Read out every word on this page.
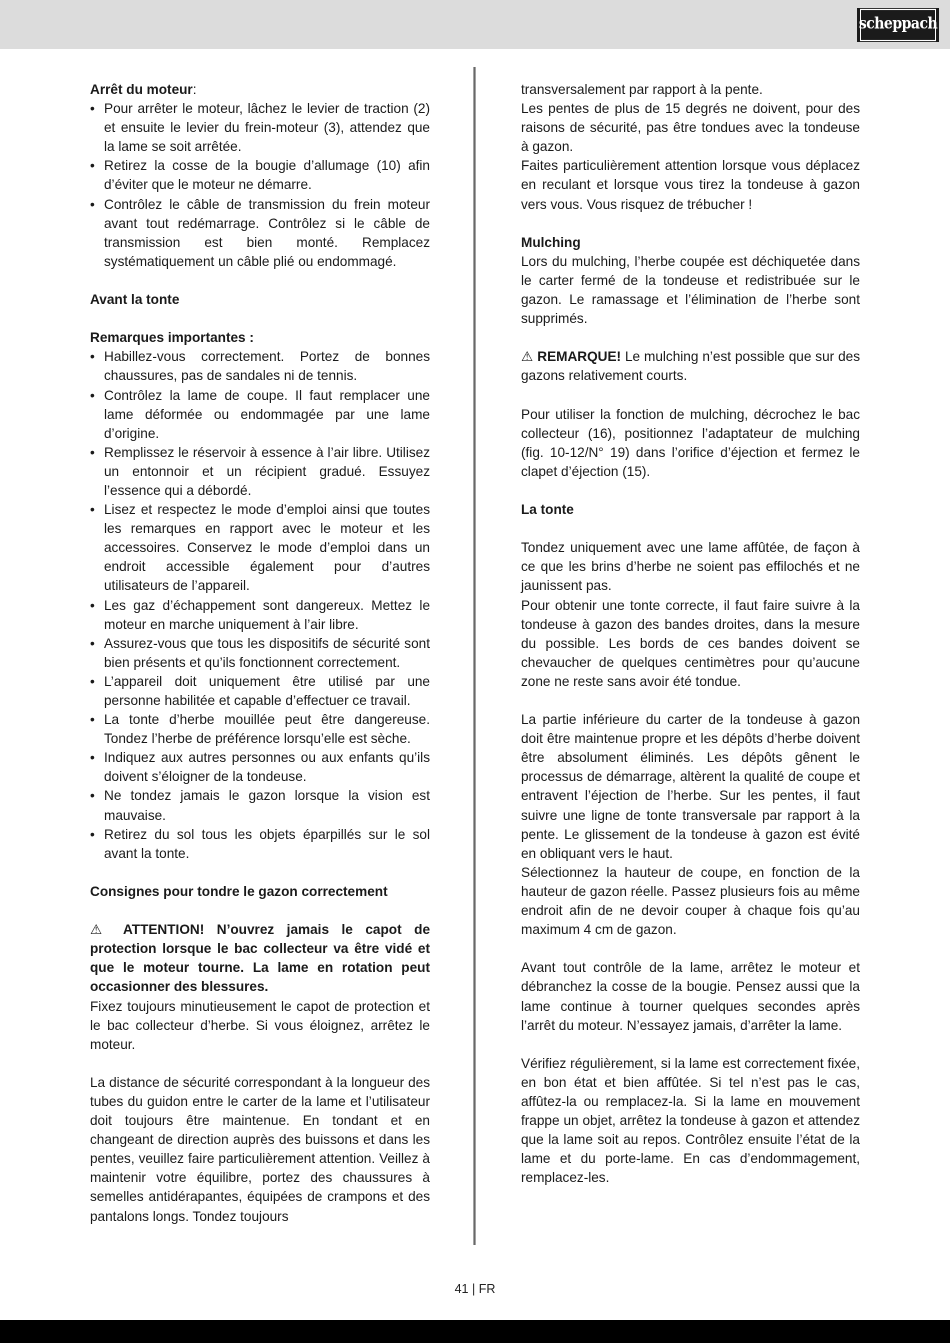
scheppach

Arrêt du moteur:

• Pour arrêter le moteur, lâchez le levier de traction (2) et ensuite le levier du frein-moteur (3), attendez que la lame se soit arrêtée.
• Retirez la cosse de la bougie d’allumage (10) afin d’éviter que le moteur ne démarre.
• Contrôlez le câble de transmission du frein moteur avant tout redémarrage. Contrôlez si le câble de transmission est bien monté. Remplacez systématiquement un câble plié ou endommagé.

Avant la tonte

Remarques importantes :

• Habillez-vous correctement. Portez de bonnes chaussures, pas de sandales ni de tennis.
• Contrôlez la lame de coupe. Il faut remplacer une lame déformée ou endommagée par une lame d’origine.
• Remplissez le réservoir à essence à l’air libre. Utilisez un entonnoir et un récipient gradué. Essuyez l’essence qui a débordé.
• Lisez et respectez le mode d’emploi ainsi que toutes les remarques en rapport avec le moteur et les accessoires. Conservez le mode d’emploi dans un endroit accessible également pour d’autres utilisateurs de l’appareil.
• Les gaz d’échappement sont dangereux. Mettez le moteur en marche uniquement à l’air libre.
• Assurez-vous que tous les dispositifs de sécurité sont bien présents et qu’ils fonctionnent correctement.
• L’appareil doit uniquement être utilisé par une personne habilitée et capable d’effectuer ce travail.
• La tonte d’herbe mouillée peut être dangereuse. Tondez l’herbe de préférence lorsqu’elle est sèche.
• Indiquez aux autres personnes ou aux enfants qu’ils doivent s’éloigner de la tondeuse.
• Ne tondez jamais le gazon lorsque la vision est mauvaise.
• Retirez du sol tous les objets éparpillés sur le sol avant la tonte.

Consignes pour tondre le gazon correctement

⚠ ATTENTION! N’ouvrez jamais le capot de protection lorsque le bac collecteur va être vidé et que le moteur tourne. La lame en rotation peut occasionner des blessures.

Fixez toujours minutieusement le capot de protection et le bac collecteur d’herbe. Si vous éloignez, arrêtez le moteur.

La distance de sécurité correspondant à la longueur des tubes du guidon entre le carter de la lame et l’utilisateur doit toujours être maintenue. En tondant et en changeant de direction auprès des buissons et dans les pentes, veuillez faire particulièrement attention. Veillez à maintenir votre équilibre, portez des chaussures à semelles antidérapantes, équipées de crampons et des pantalons longs. Tondez toujours

transversalement par rapport à la pente.

Les pentes de plus de 15 degrés ne doivent, pour des raisons de sécurité, pas être tondues avec la tondeuse à gazon.

Faites particulièrement attention lorsque vous déplacez en reculant et lorsque vous tirez la tondeuse à gazon vers vous. Vous risquez de trébucher !

Mulching

Lors du mulching, l’herbe coupée est déchiquetée dans le carter fermé de la tondeuse et redistribuée sur le gazon. Le ramassage et l’élimination de l’herbe sont supprimés.

⚠ REMARQUE! Le mulching n’est possible que sur des gazons relativement courts.

Pour utiliser la fonction de mulching, décrochez le bac collecteur (16), positionnez l’adaptateur de mulching (fig. 10-12/N° 19) dans l’orifice d’éjection et fermez le clapet d’éjection (15).

La tonte

Tondez uniquement avec une lame affûtée, de façon à ce que les brins d’herbe ne soient pas effilochés et ne jaunissent pas.

Pour obtenir une tonte correcte, il faut faire suivre à la tondeuse à gazon des bandes droites, dans la mesure du possible. Les bords de ces bandes doivent se chevaucher de quelques centimètres pour qu’aucune zone ne reste sans avoir été tondue.

La partie inférieure du carter de la tondeuse à gazon doit être maintenue propre et les dépôts d’herbe doivent être absolument éliminés. Les dépôts gênent le processus de démarrage, altèrent la qualité de coupe et entravent l’éjection de l’herbe. Sur les pentes, il faut suivre une ligne de tonte transversale par rapport à la pente. Le glissement de la tondeuse à gazon est évité en obliquant vers le haut.

Sélectionnez la hauteur de coupe, en fonction de la hauteur de gazon réelle. Passez plusieurs fois au même endroit afin de ne devoir couper à chaque fois qu’au maximum 4 cm de gazon.

Avant tout contrôle de la lame, arrêtez le moteur et débranchez la cosse de la bougie. Pensez aussi que la lame continue à tourner quelques secondes après l’arrêt du moteur. N’essayez jamais, d’arrêter la lame.

Vérifiez régulièrement, si la lame est correctement fixée, en bon état et bien affûtée. Si tel n’est pas le cas, affûtez-la ou remplacez-la. Si la lame en mouvement frappe un objet, arrêtez la tondeuse à gazon et attendez que la lame soit au repos. Contrôlez ensuite l’état de la lame et du porte-lame. En cas d’endommagement, remplacez-les.

41 | FR
